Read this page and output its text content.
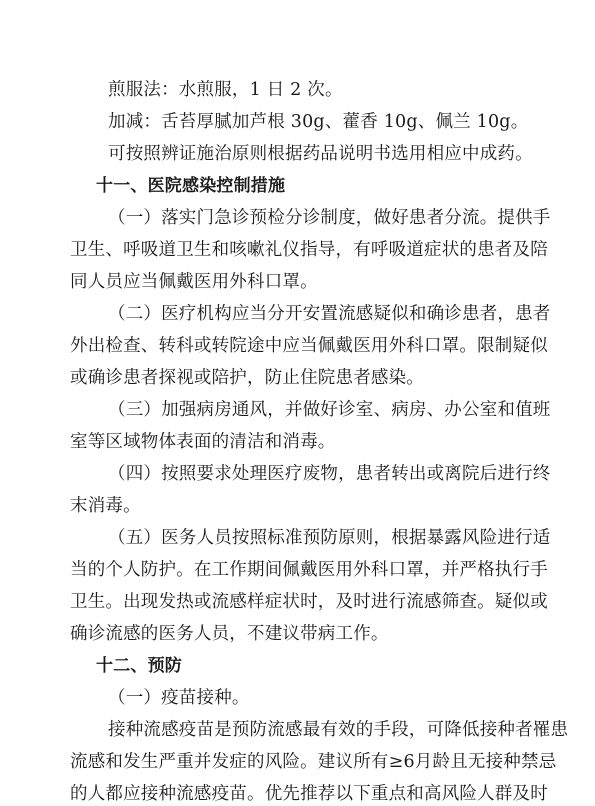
煎服法：水煎服，1 日 2 次。
加减：舌苔厚腻加芦根 30g、藿香 10g、佩兰 10g。
可按照辨证施治原则根据药品说明书选用相应中成药。
十一、医院感染控制措施
（一）落实门急诊预检分诊制度，做好患者分流。提供手
卫生、呼吸道卫生和咳嗽礼仪指导，有呼吸道症状的患者及陪
同人员应当佩戴医用外科口罩。
（二）医疗机构应当分开安置流感疑似和确诊患者，患者
外出检查、转科或转院途中应当佩戴医用外科口罩。限制疑似
或确诊患者探视或陪护，防止住院患者感染。
（三）加强病房通风，并做好诊室、病房、办公室和值班
室等区域物体表面的清洁和消毒。
（四）按照要求处理医疗废物，患者转出或离院后进行终
末消毒。
（五）医务人员按照标准预防原则，根据暴露风险进行适
当的个人防护。在工作期间佩戴医用外科口罩，并严格执行手
卫生。出现发热或流感样症状时，及时进行流感筛查。疑似或
确诊流感的医务人员，不建议带病工作。
十二、预防
（一）疫苗接种。
接种流感疫苗是预防流感最有效的手段，可降低接种者罹患
流感和发生严重并发症的风险。建议所有≥6月龄且无接种禁忌
的人都应接种流感疫苗。优先推荐以下重点和高风险人群及时
